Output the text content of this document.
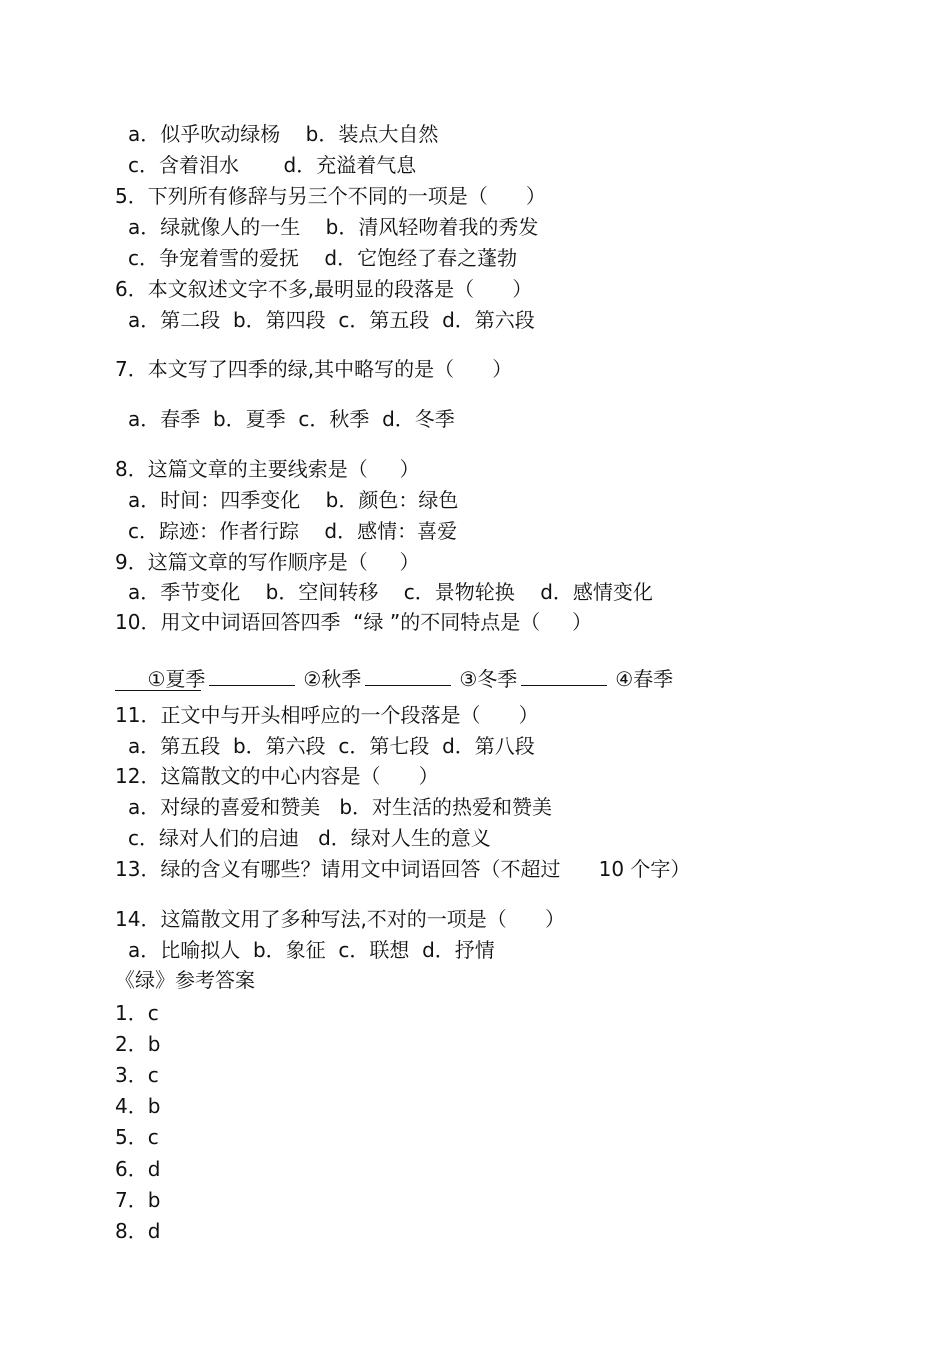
a．似乎吹动绿杨    b．装点大自然
c．含着泪水       d．充溢着气息
5．下列所有修辞与另三个不同的一项是（      ）
a．绿就像人的一生    b．清风轻吻着我的秀发
c．争宠着雪的爱抚    d．它饱经了春之蓬勃
6．本文叙述文字不多,最明显的段落是（      ）
a．第二段  b．第四段  c．第五段  d．第六段
7．本文写了四季的绿,其中略写的是（      ）
a．春季  b．夏季  c．秋季  d．冬季
8．这篇文章的主要线索是（     ）
a．时间：四季变化    b．颜色：绿色
c．踪迹：作者行踪    d．感情：喜爱
9．这篇文章的写作顺序是（     ）
a．季节变化    b．空间转移    c．景物轮换    d．感情变化
10．用文中词语回答四季  “绿 ”的不同特点是（     ）

①夏季	②秋季	③冬季	④春季

11．正文中与开头相呼应的一个段落是（      ）
a．第五段  b．第六段  c．第七段  d．第八段
12．这篇散文的中心内容是（      ）
a．对绿的喜爱和赞美   b．对生活的热爱和赞美
c．绿对人们的启迪   d．绿对人生的意义
13．绿的含义有哪些？请用文中词语回答（不超过      10 个字）
14．这篇散文用了多种写法,不对的一项是（      ）
a．比喻拟人  b．象征  c．联想  d．抒情
《绿》参考答案
1．c
2．b
3．c
4．b
5．c
6．d
7．b
8．d
